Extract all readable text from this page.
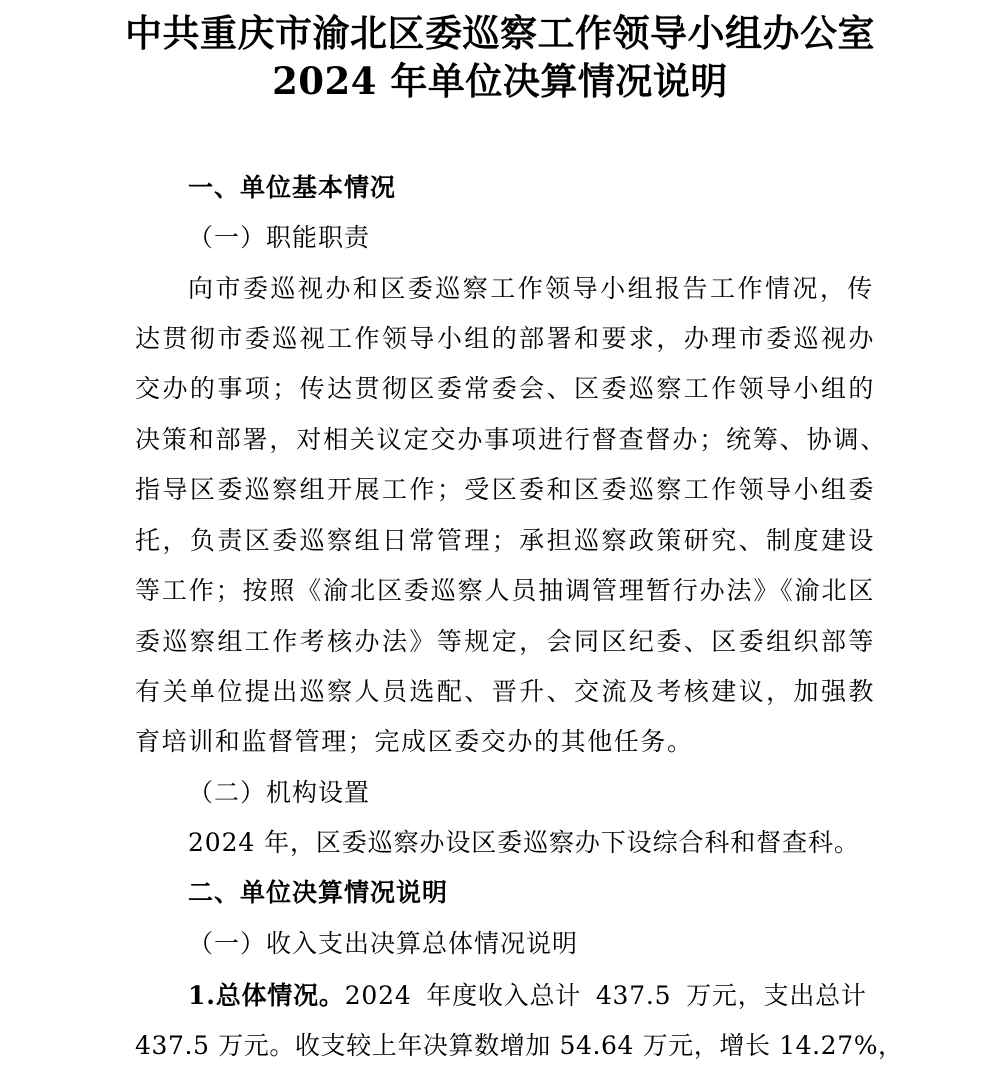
中共重庆市渝北区委巡察工作领导小组办公室
2024 年单位决算情况说明
一、单位基本情况
（一）职能职责
向市委巡视办和区委巡察工作领导小组报告工作情况，传
达贯彻市委巡视工作领导小组的部署和要求，办理市委巡视办
交办的事项；传达贯彻区委常委会、区委巡察工作领导小组的
决策和部署，对相关议定交办事项进行督查督办；统筹、协调、
指导区委巡察组开展工作；受区委和区委巡察工作领导小组委
托，负责区委巡察组日常管理；承担巡察政策研究、制度建设
等工作；按照《渝北区委巡察人员抽调管理暂行办法》《渝北区
委巡察组工作考核办法》等规定，会同区纪委、区委组织部等
有关单位提出巡察人员选配、晋升、交流及考核建议，加强教
育培训和监督管理；完成区委交办的其他任务。
（二）机构设置
2024 年，区委巡察办设区委巡察办下设综合科和督查科。
二、单位决算情况说明
（一）收入支出决算总体情况说明
1.总体情况。2024 年度收入总计 437.5 万元，支出总计
437.5 万元。收支较上年决算数增加 54.64 万元，增长 14.27%，
